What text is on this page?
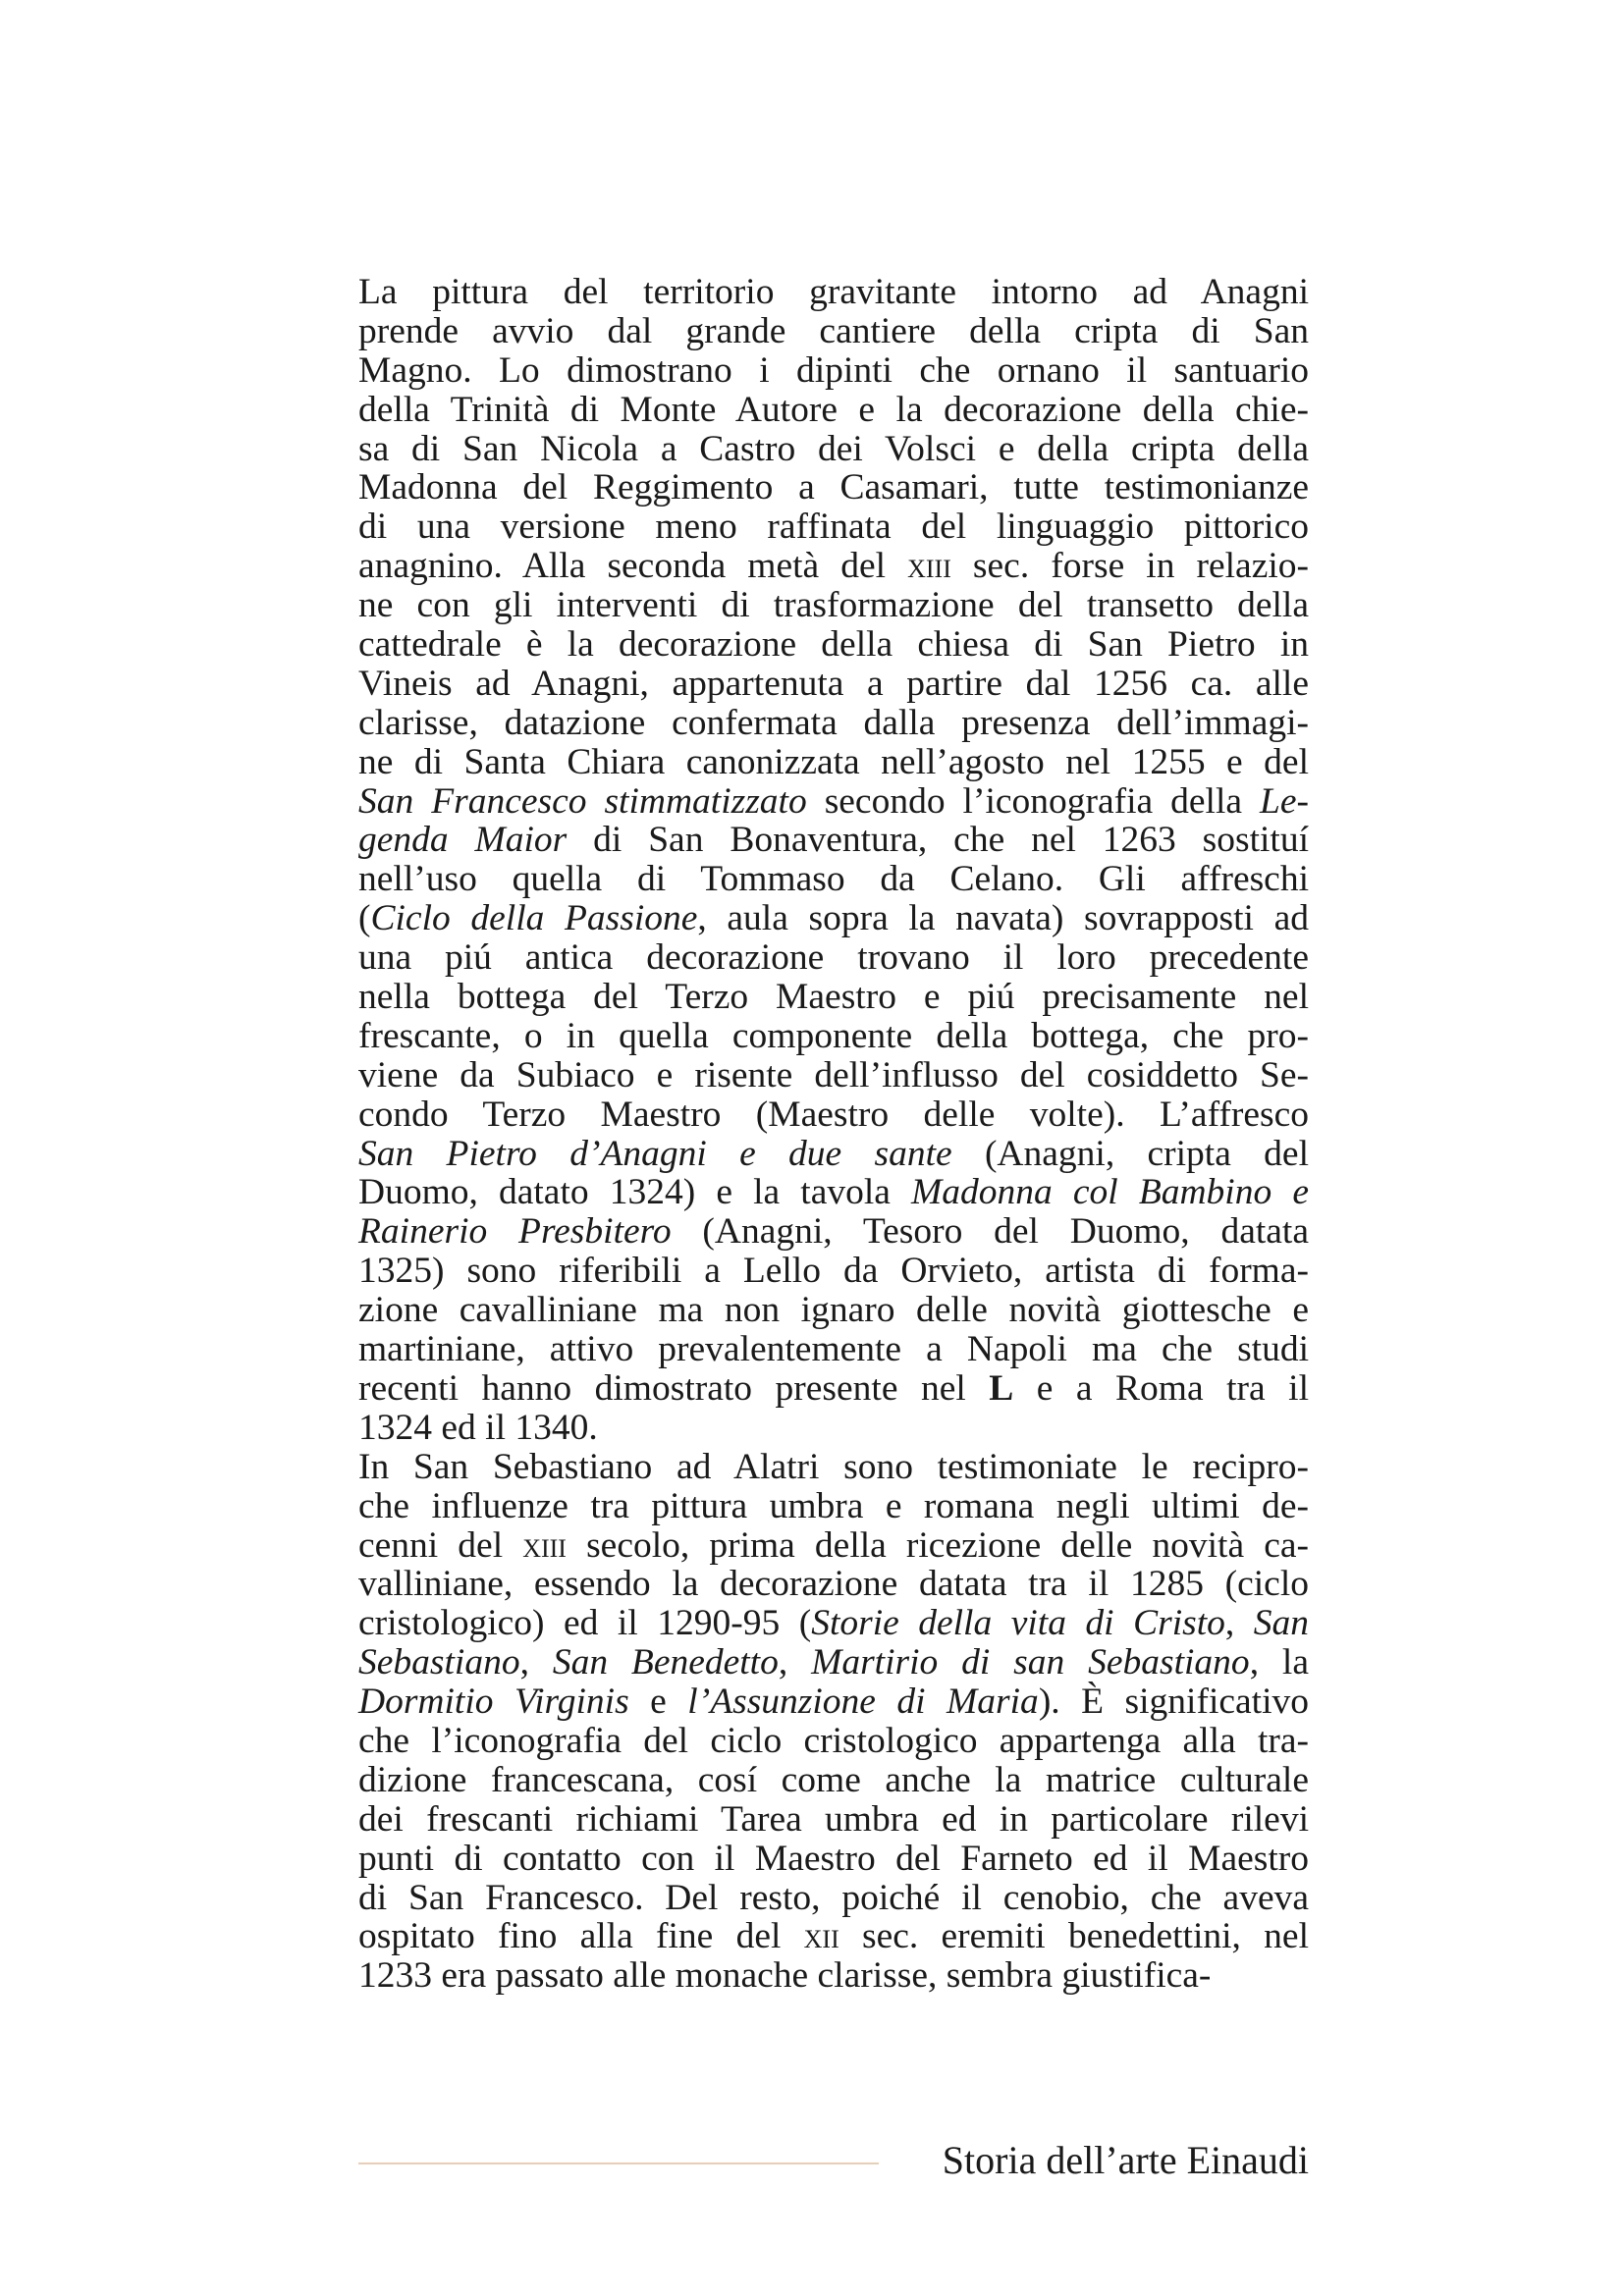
La pittura del territorio gravitante intorno ad Anagni
prende avvio dal grande cantiere della cripta di San
Magno. Lo dimostrano i dipinti che ornano il santuario
della Trinità di Monte Autore e la decorazione della chie-
sa di San Nicola a Castro dei Volsci e della cripta della
Madonna del Reggimento a Casamari, tutte testimonianze
di una versione meno raffinata del linguaggio pittorico
anagnino. Alla seconda metà del xiii sec. forse in relazio-
ne con gli interventi di trasformazione del transetto della
cattedrale è la decorazione della chiesa di San Pietro in
Vineis ad Anagni, appartenuta a partire dal 1256 ca. alle
clarisse, datazione confermata dalla presenza dell’immagi-
ne di Santa Chiara canonizzata nell’agosto nel 1255 e del
San Francesco stimmatizzato secondo l’iconografia della Le-
genda Maior di San Bonaventura, che nel 1263 sostituí
nell’uso quella di Tommaso da Celano. Gli affreschi
(Ciclo della Passione, aula sopra la navata) sovrapposti ad
una piú antica decorazione trovano il loro precedente
nella bottega del Terzo Maestro e piú precisamente nel
frescante, o in quella componente della bottega, che pro-
viene da Subiaco e risente dell’influsso del cosiddetto Se-
condo Terzo Maestro (Maestro delle volte). L’affresco
San Pietro d’Anagni e due sante (Anagni, cripta del
Duomo, datato 1324) e la tavola Madonna col Bambino e
Rainerio Presbitero (Anagni, Tesoro del Duomo, datata
1325) sono riferibili a Lello da Orvieto, artista di forma-
zione cavalliniane ma non ignaro delle novità giottesche e
martiniane, attivo prevalentemente a Napoli ma che studi
recenti hanno dimostrato presente nel L e a Roma tra il
1324 ed il 1340.
In San Sebastiano ad Alatri sono testimoniate le recipro-
che influenze tra pittura umbra e romana negli ultimi de-
cenni del xiii secolo, prima della ricezione delle novità ca-
valliniane, essendo la decorazione datata tra il 1285 (ciclo
cristologico) ed il 1290-95 (Storie della vita di Cristo, San
Sebastiano, San Benedetto, Martirio di san Sebastiano, la
Dormitio Virginis e l’Assunzione di Maria). È significativo
che l’iconografia del ciclo cristologico appartenga alla tra-
dizione francescana, cosí come anche la matrice culturale
dei frescanti richiami Tarea umbra ed in particolare rilevi
punti di contatto con il Maestro del Farneto ed il Maestro
di San Francesco. Del resto, poiché il cenobio, che aveva
ospitato fino alla fine del xii sec. eremiti benedettini, nel
1233 era passato alle monache clarisse, sembra giustifica-
Storia dell’arte Einaudi
